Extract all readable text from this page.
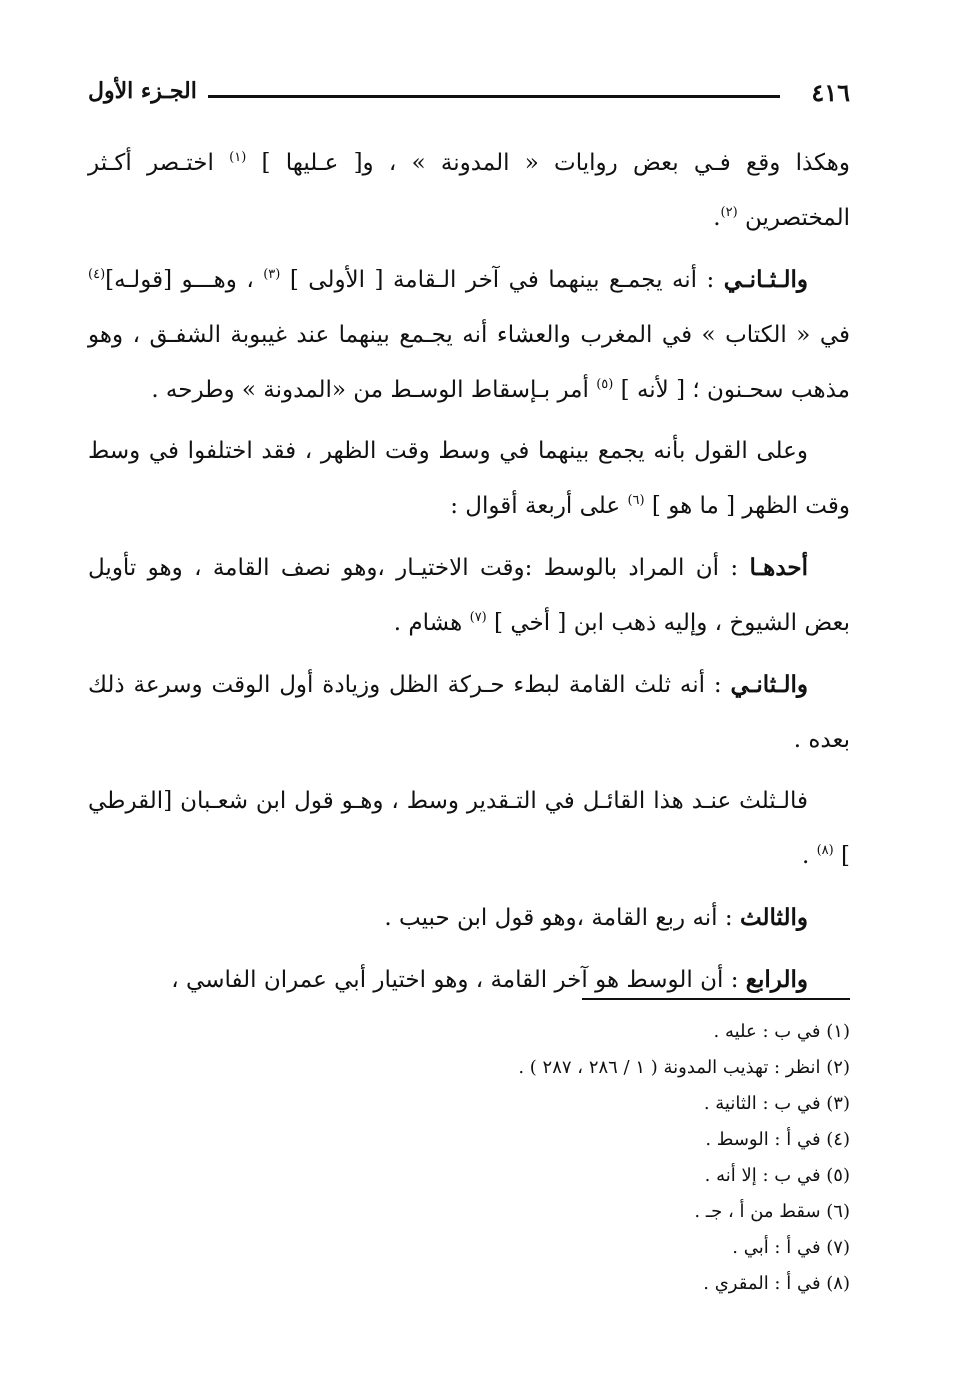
٤١٦
الجـزء الأول

وهكذا وقع فـي بعض روايات « المدونة » ، و[ عـليها ] $^{(١)}$ اختـصر أكـثر المختصرين $^{(٢)}$.

والـثـانـي : أنه يجمـع بينهما في آخر الـقامة [ الأولى ] $^{(٣)}$ ، وهـــو [قولـه]$^{(٤)}$ في « الكتاب » في المغرب والعشاء أنه يجـمع بينهما عند غيبوبة الشفـق ، وهو مذهب سحـنون ؛ [ لأنه ] $^{(٥)}$ أمر بـإسقاط الوسـط من «المدونة » وطرحه .

وعلى القول بأنه يجمع بينهما في وسط وقت الظهر ، فقد اختلفوا في وسط وقت الظهر [ ما هو ] $^{(٦)}$ على أربعة أقوال :

أحدهـا : أن المراد بالوسط :وقت الاختيـار ،وهو نصف القامة ، وهو تأويل بعض الشيوخ ، وإليه ذهب ابن [ أخي ] $^{(٧)}$ هشام .

والـثانـي : أنه ثلث القامة لبطء حـركة الظل وزيادة أول الوقت وسرعة ذلك بعده .

فالـثلث عنـد هذا القائـل في التـقدير وسط ، وهـو قول ابن شعـبان [القرطي ] $^{(٨)}$ .

والثالث : أنه ربع القامة ،وهو قول ابن حبيب .

والرابع : أن الوسط هو آخر القامة ، وهو اختيار أبي عمران الفاسي ،

(١) في ب : عليه .
(٢) انظر : تهذيب المدونة ( ١ / ٢٨٦ ، ٢٨٧ ) .
(٣) في ب : الثانية .
(٤) في أ : الوسط .
(٥) في ب : إلا أنه .
(٦) سقط من أ ، جـ .
(٧) في أ : أبي .
(٨) في أ : المقري .
